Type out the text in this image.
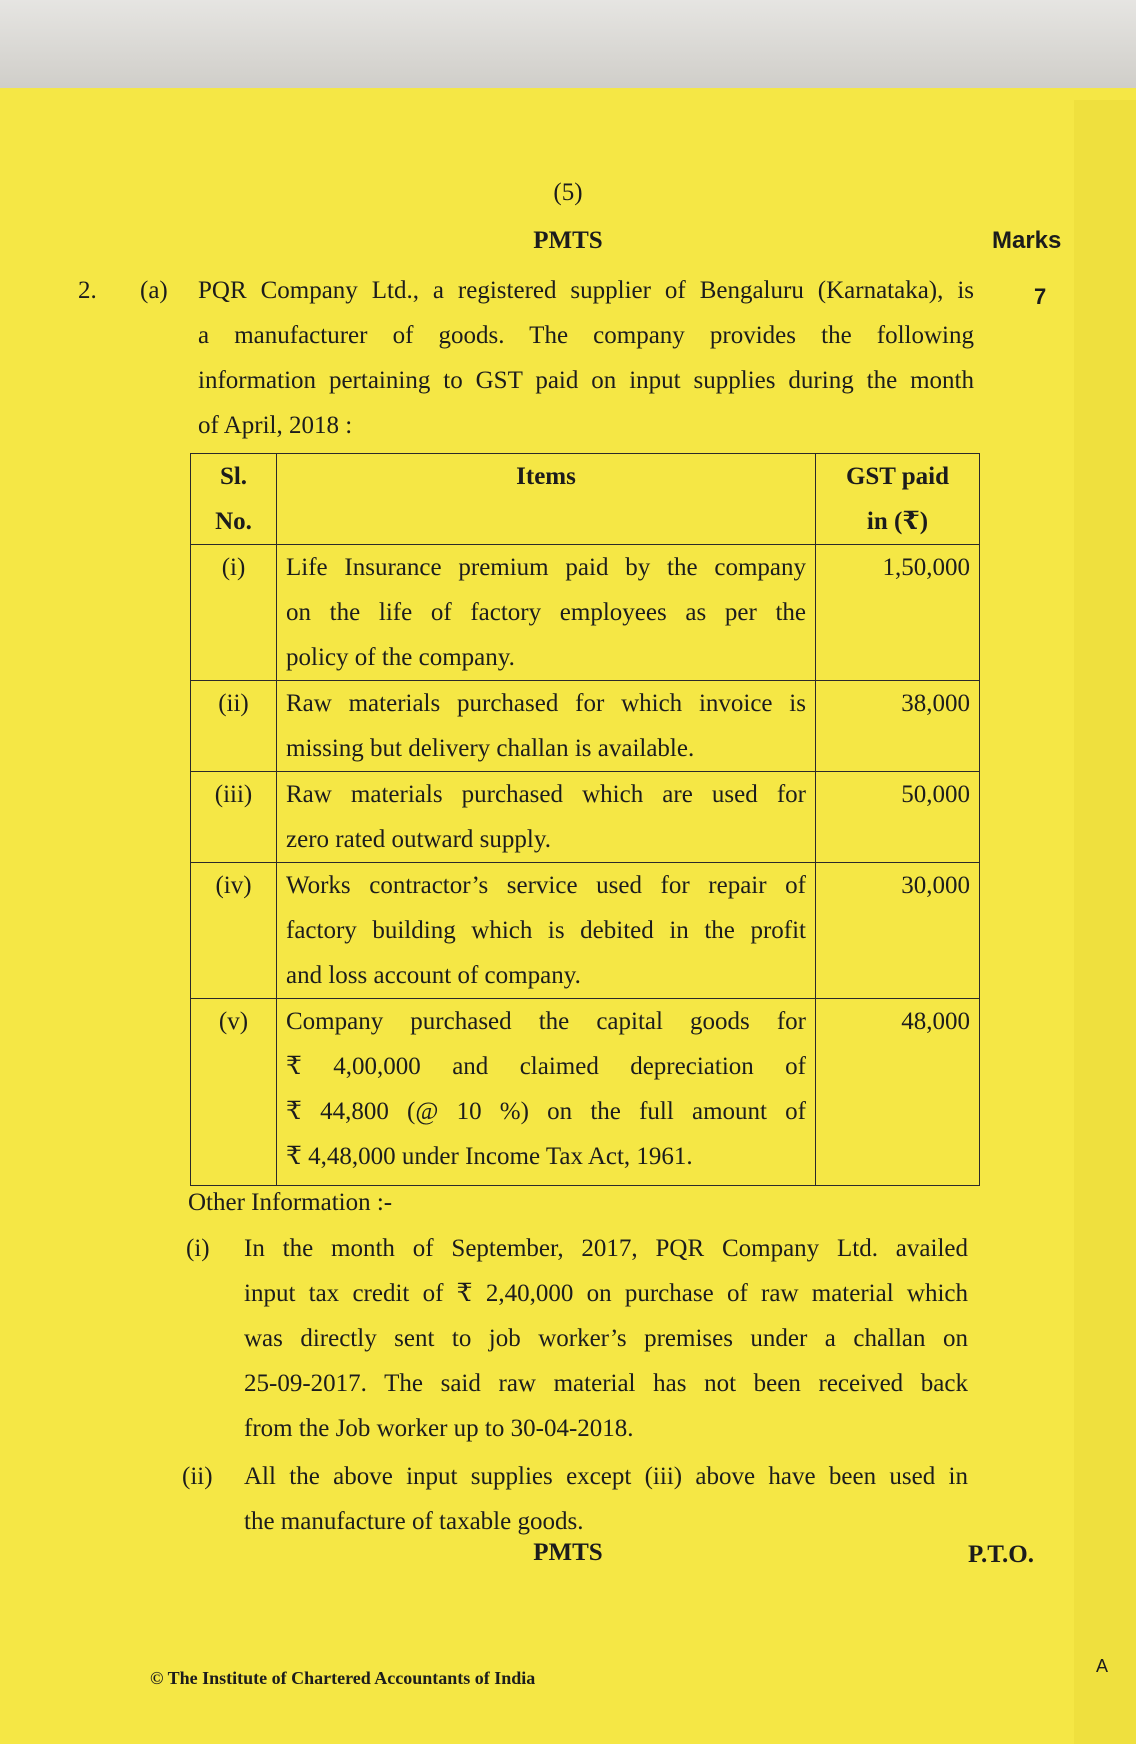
(5)
PMTS	Marks
2. (a)	7
PQR Company Ltd., a registered supplier of Bengaluru (Karnataka), is
a manufacturer of goods. The company provides the following
information pertaining to GST paid on input supplies during the month
of April, 2018 :
Sl.
No.	Items	GST paid
in (₹)

(i)	Life Insurance premium paid by the company
on the life of factory employees as per the
policy of the company.	1,50,000
(ii)	Raw materials purchased for which invoice is
missing but delivery challan is available.	38,000
(iii)	Raw materials purchased which are used for
zero rated outward supply.	50,000
(iv)	Works contractor’s service used for repair of
factory building which is debited in the profit
and loss account of company.	30,000
(v)	Company purchased the capital goods for
₹ 4,00,000 and claimed depreciation of
₹ 44,800 (@ 10 %) on the full amount of
₹ 4,48,000 under Income Tax Act, 1961.	48,000
Other Information :-
(i) In the month of September, 2017, PQR Company Ltd. availed
input tax credit of ₹ 2,40,000 on purchase of raw material which
was directly sent to job worker’s premises under a challan on
25-09-2017. The said raw material has not been received back
from the Job worker up to 30-04-2018.
(ii) All the above input supplies except (iii) above have been used in
the manufacture of taxable goods.
PMTS	P.T.O.
© The Institute of Chartered Accountants of India
A
